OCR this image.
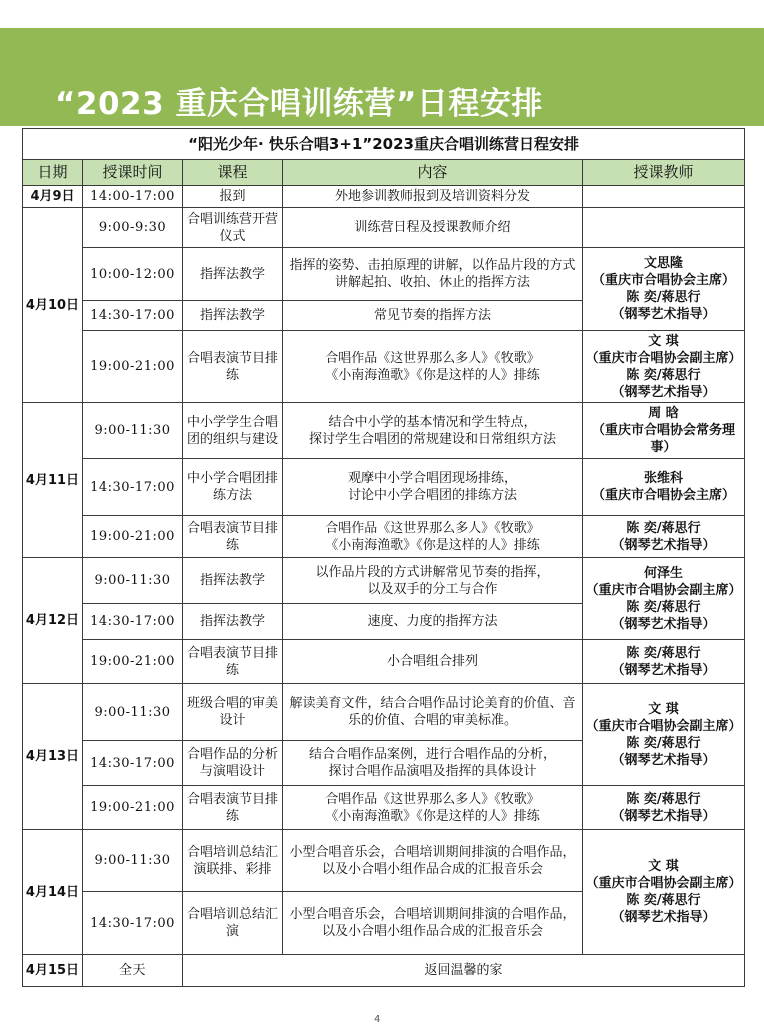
“2023 重庆合唱训练营”日程安排
“阳光少年· 快乐合唱3+1”2023重庆合唱训练营日程安排				
日期	授课时间	课程	内容	授课教师
4月9日	14:00-17:00	报到	外地参训教师报到及培训资料分发	
4月10日	9:00-9:30	合唱训练营开营仪式	训练营日程及授课教师介绍	
	10:00-12:00	指挥法教学	指挥的姿势、击拍原理的讲解，以作品片段的方式讲解起拍、收拍、休止的指挥方法	文思隆
（重庆市合唱协会主席）
陈 奕/蒋思行
（钢琴艺术指导）
	14:30-17:00	指挥法教学	常见节奏的指挥方法	
	19:00-21:00	合唱表演节目排练	合唱作品《这世界那么多人》《牧歌》
《小南海渔歌》《你是这样的人》排练	文 琪
（重庆市合唱协会副主席）
陈 奕/蒋思行
（钢琴艺术指导）
4月11日	9:00-11:30	中小学学生合唱团的组织与建设	结合中小学的基本情况和学生特点，
探讨学生合唱团的常规建设和日常组织方法	周 晗
（重庆市合唱协会常务理事）
	14:30-17:00	中小学合唱团排练方法	观摩中小学合唱团现场排练，
讨论中小学合唱团的排练方法	张维科
（重庆市合唱协会主席）
	19:00-21:00	合唱表演节目排练	合唱作品《这世界那么多人》《牧歌》
《小南海渔歌》《你是这样的人》排练	陈 奕/蒋思行
（钢琴艺术指导）
4月12日	9:00-11:30	指挥法教学	以作品片段的方式讲解常见节奏的指挥，
以及双手的分工与合作	何泽生
（重庆市合唱协会副主席）
陈 奕/蒋思行
（钢琴艺术指导）
	14:30-17:00	指挥法教学	速度、力度的指挥方法	
	19:00-21:00	合唱表演节目排练	小合唱组合排列	陈 奕/蒋思行
（钢琴艺术指导）
4月13日	9:00-11:30	班级合唱的审美设计	解读美育文件，结合合唱作品讨论美育的价值、音乐的价值、合唱的审美标准。	文 琪
（重庆市合唱协会副主席）
陈 奕/蒋思行
（钢琴艺术指导）
	14:30-17:00	合唱作品的分析与演唱设计	结合合唱作品案例，进行合唱作品的分析，
探讨合唱作品演唱及指挥的具体设计	
	19:00-21:00	合唱表演节目排练	合唱作品《这世界那么多人》《牧歌》
《小南海渔歌》《你是这样的人》排练	陈 奕/蒋思行
（钢琴艺术指导）
4月14日	9:00-11:30	合唱培训总结汇演联排、彩排	小型合唱音乐会，合唱培训期间排演的合唱作品，
以及小合唱小组作品合成的汇报音乐会	文 琪
（重庆市合唱协会副主席）
陈 奕/蒋思行
（钢琴艺术指导）
	14:30-17:00	合唱培训总结汇演	小型合唱音乐会，合唱培训期间排演的合唱作品，
以及小合唱小组作品合成的汇报音乐会	
4月15日	全天	返回温馨的家		
4
